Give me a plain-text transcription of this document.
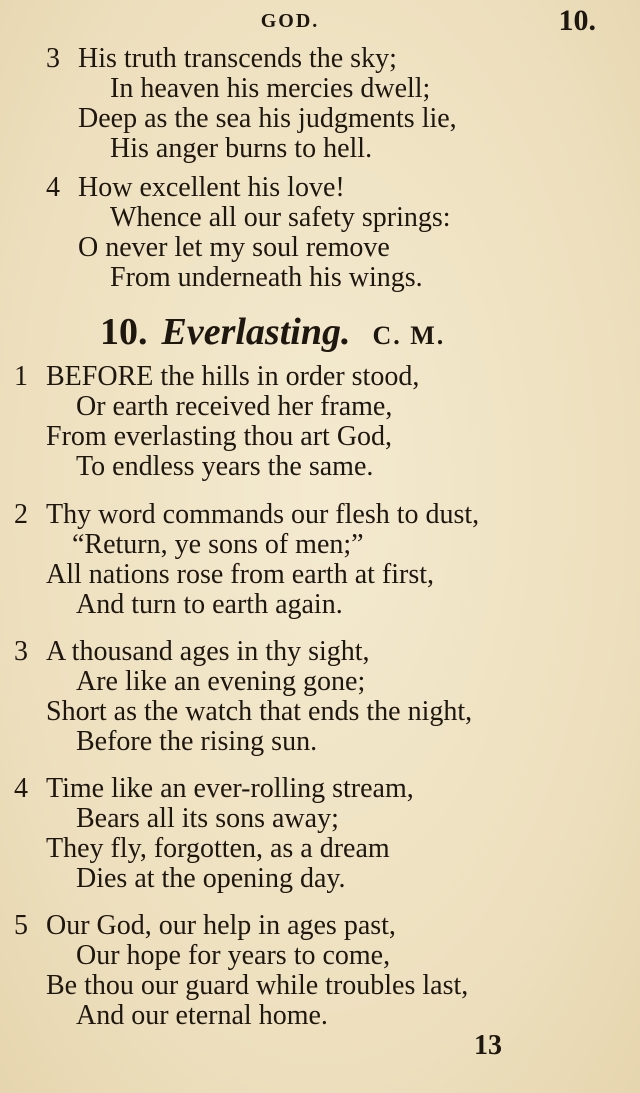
GOD.	10.
3 His truth transcends the sky;
In heaven his mercies dwell;
Deep as the sea his judgments lie,
His anger burns to hell.
4 How excellent his love!
Whence all our safety springs:
O never let my soul remove
From underneath his wings.
10. Everlasting. C. M.
1 BEFORE the hills in order stood,
Or earth received her frame,
From everlasting thou art God,
To endless years the same.
2 Thy word commands our flesh to dust,
“Return, ye sons of men;”
All nations rose from earth at first,
And turn to earth again.
3 A thousand ages in thy sight,
Are like an evening gone;
Short as the watch that ends the night,
Before the rising sun.
4 Time like an ever-rolling stream,
Bears all its sons away;
They fly, forgotten, as a dream
Dies at the opening day.
5 Our God, our help in ages past,
Our hope for years to come,
Be thou our guard while troubles last,
And our eternal home.
13
